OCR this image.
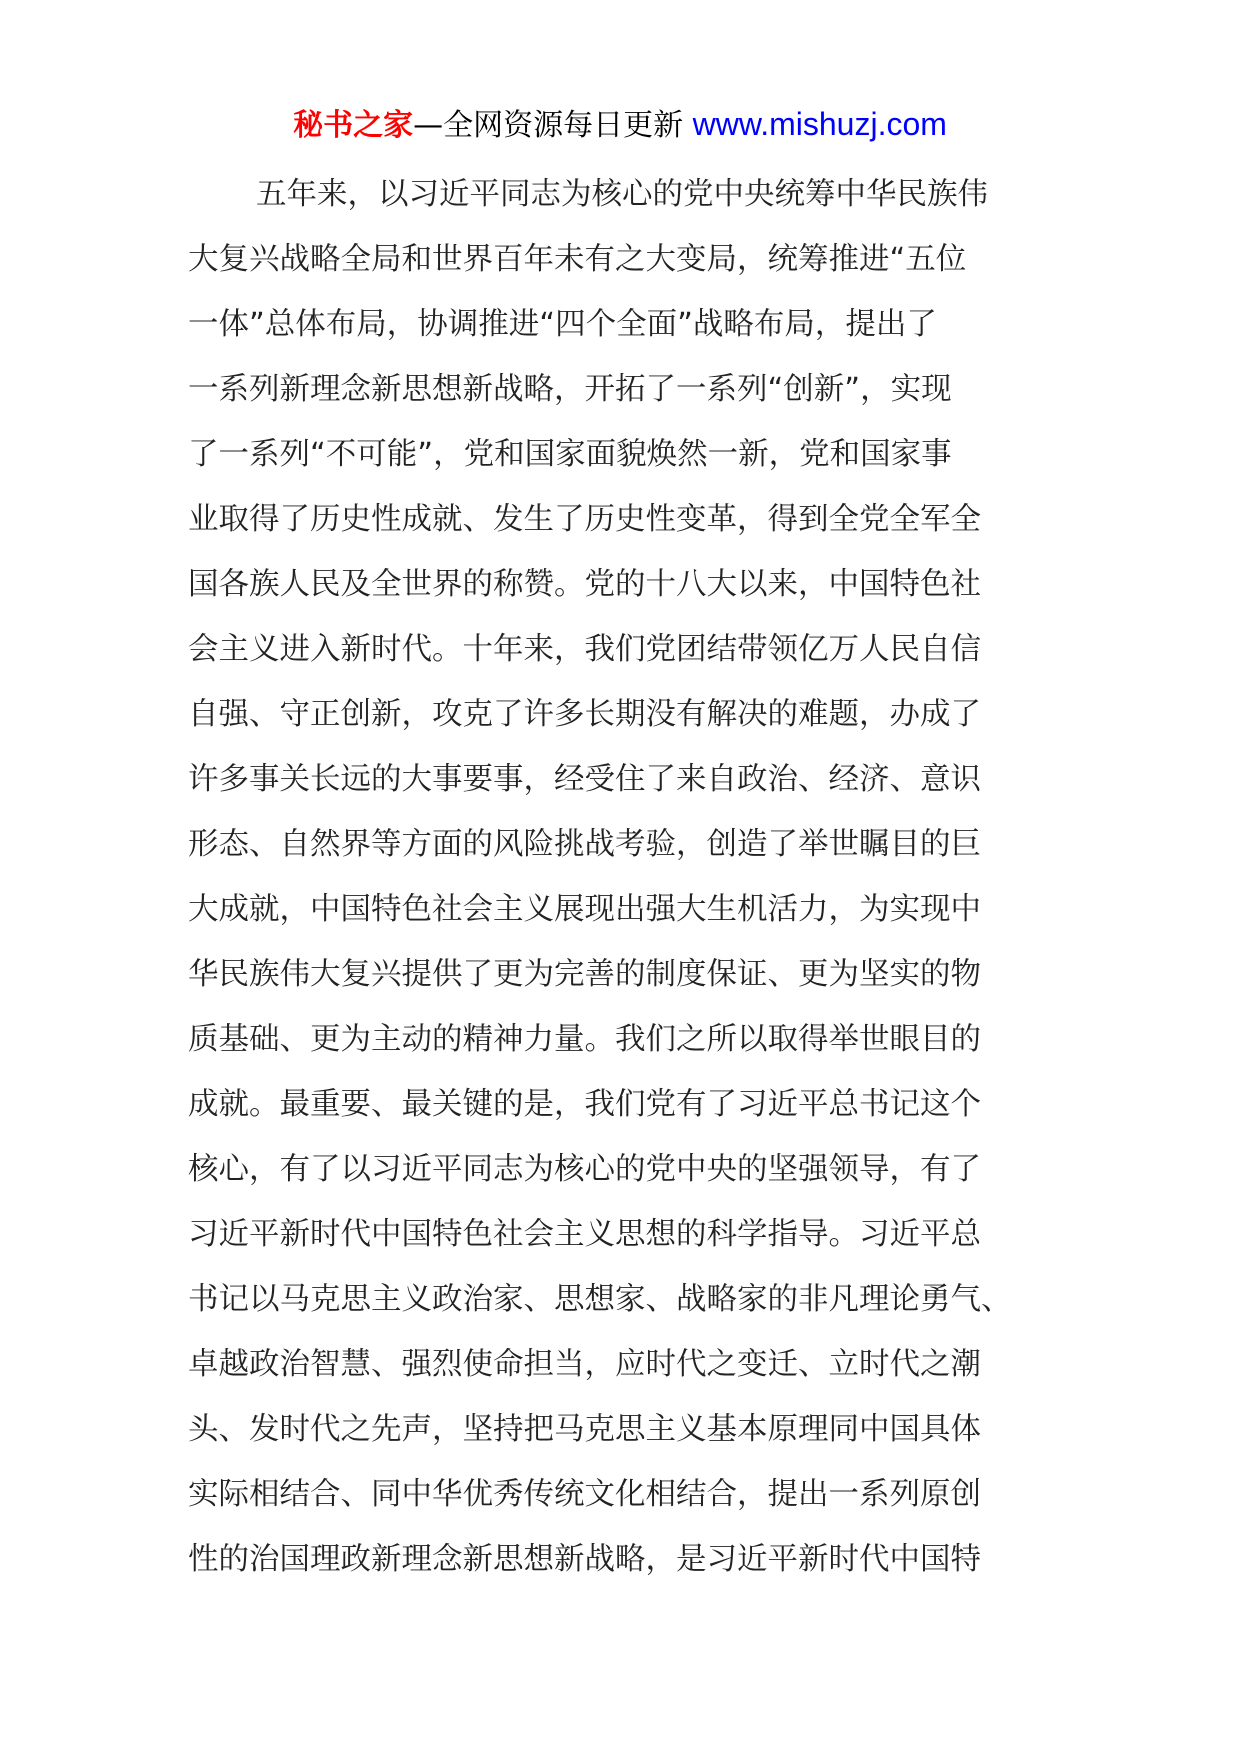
秘书之家—全网资源每日更新 www.mishuzj.com
五年来，以习近平同志为核心的党中央统筹中华民族伟
大复兴战略全局和世界百年未有之大变局，统筹推进“五位
一体”总体布局，协调推进“四个全面”战略布局，提出了
一系列新理念新思想新战略，开拓了一系列“创新”，实现
了一系列“不可能”，党和国家面貌焕然一新，党和国家事
业取得了历史性成就、发生了历史性变革，得到全党全军全
国各族人民及全世界的称赞。党的十八大以来，中国特色社
会主义进入新时代。十年来，我们党团结带领亿万人民自信
自强、守正创新，攻克了许多长期没有解决的难题，办成了
许多事关长远的大事要事，经受住了来自政治、经济、意识
形态、自然界等方面的风险挑战考验，创造了举世瞩目的巨
大成就，中国特色社会主义展现出强大生机活力，为实现中
华民族伟大复兴提供了更为完善的制度保证、更为坚实的物
质基础、更为主动的精神力量。我们之所以取得举世眼目的
成就。最重要、最关键的是，我们党有了习近平总书记这个
核心，有了以习近平同志为核心的党中央的坚强领导，有了
习近平新时代中国特色社会主义思想的科学指导。习近平总
书记以马克思主义政治家、思想家、战略家的非凡理论勇气、
卓越政治智慧、强烈使命担当，应时代之变迁、立时代之潮
头、发时代之先声，坚持把马克思主义基本原理同中国具体
实际相结合、同中华优秀传统文化相结合，提出一系列原创
性的治国理政新理念新思想新战略，是习近平新时代中国特
